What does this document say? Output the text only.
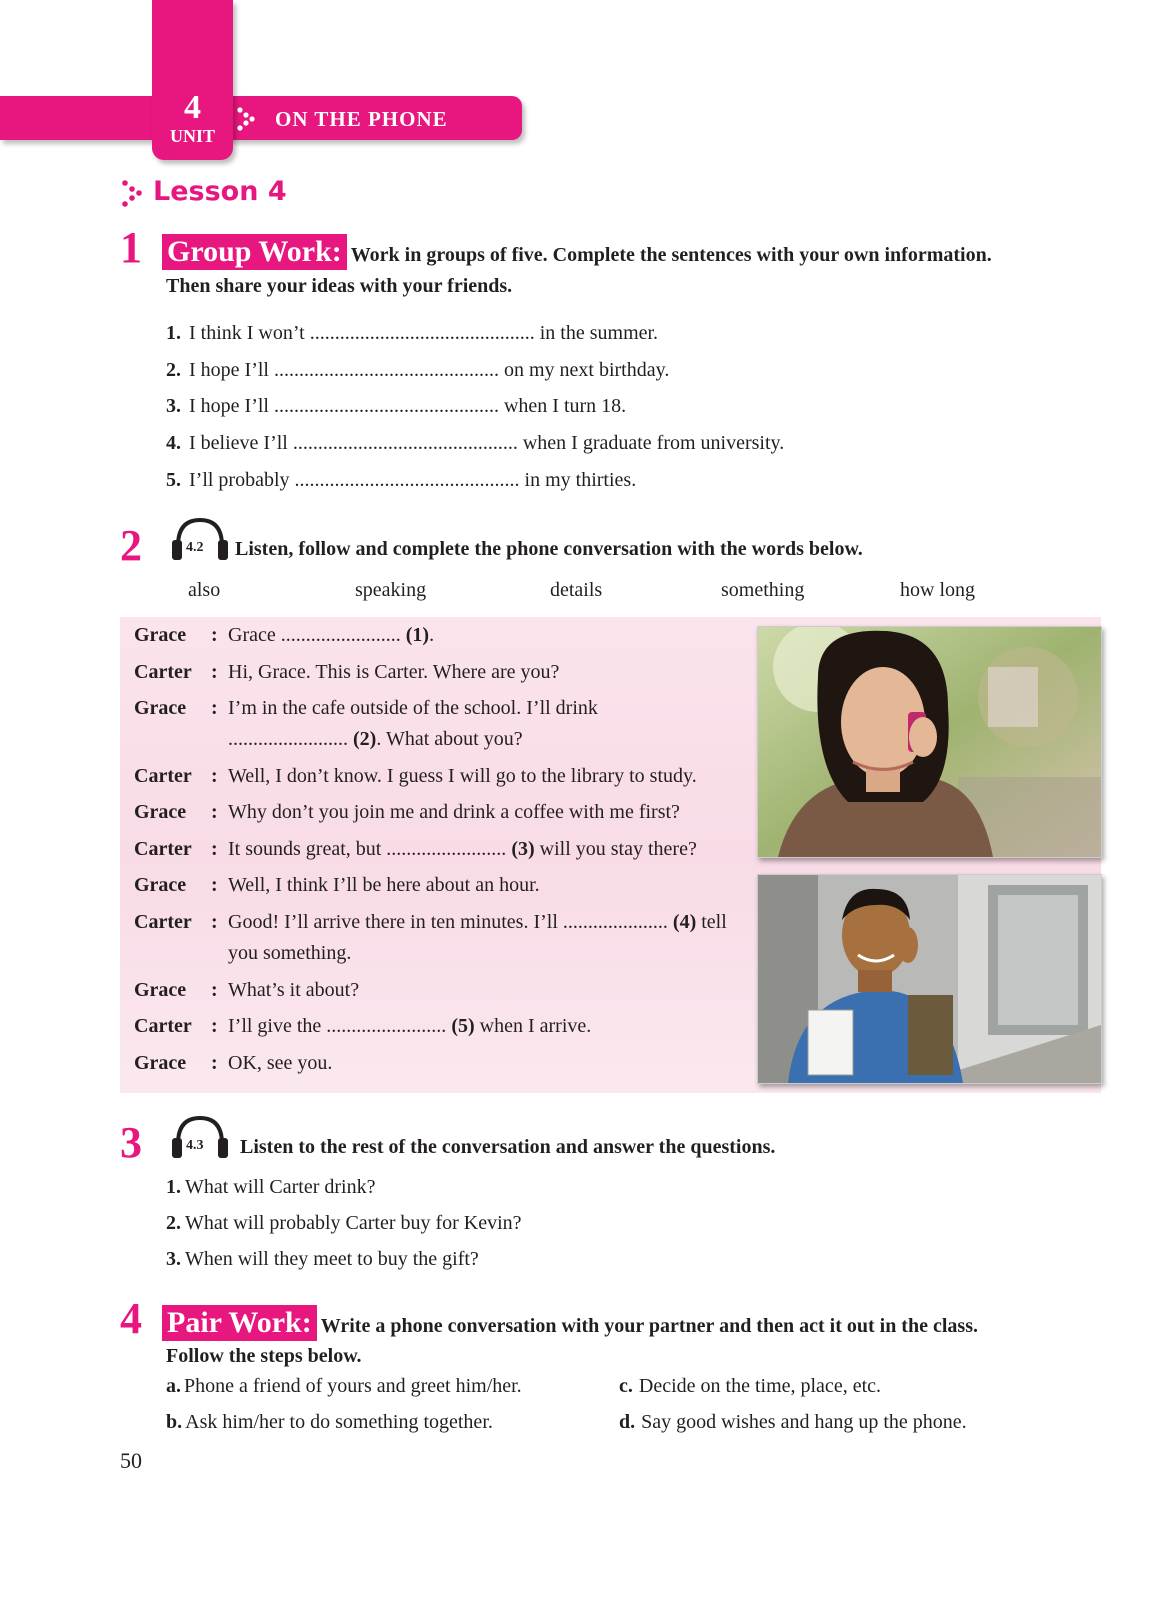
4
UNIT
ON THE PHONE
Lesson 4
1 Group Work: Work in groups of five. Complete the sentences with your own information.
Then share your ideas with your friends.
1. I think I won’t ............................................. in the summer.
2. I hope I’ll ............................................. on my next birthday.
3. I hope I’ll ............................................. when I turn 18.
4. I believe I’ll ............................................. when I graduate from university.
5. I’ll probably ............................................. in my thirties.
2	4.2 Listen, follow and complete the phone conversation with the words below.
also	speaking	details	something	how long
Grace : Grace ........................ (1).
Carter : Hi, Grace. This is Carter. Where are you?
Grace : I’m in the cafe outside of the school. I’ll drink ........................ (2). What about you?
Carter : Well, I don’t know. I guess I will go to the library to study.
Grace : Why don’t you join me and drink a coffee with me first?
Carter : It sounds great, but ........................ (3) will you stay there?
Grace : Well, I think I’ll be here about an hour.
Carter : Good! I’ll arrive there in ten minutes. I’ll ..................... (4) tell you something.
Grace : What’s it about?
Carter : I’ll give the ........................ (5) when I arrive.
Grace : OK, see you.
3	4.3 Listen to the rest of the conversation and answer the questions.
1. What will Carter drink?
2. What will probably Carter buy for Kevin?
3. When will they meet to buy the gift?
4 Pair Work: Write a phone conversation with your partner and then act it out in the class.
Follow the steps below.
a. Phone a friend of yours and greet him/her.	c. Decide on the time, place, etc.
b. Ask him/her to do something together.	d. Say good wishes and hang up the phone.
50
